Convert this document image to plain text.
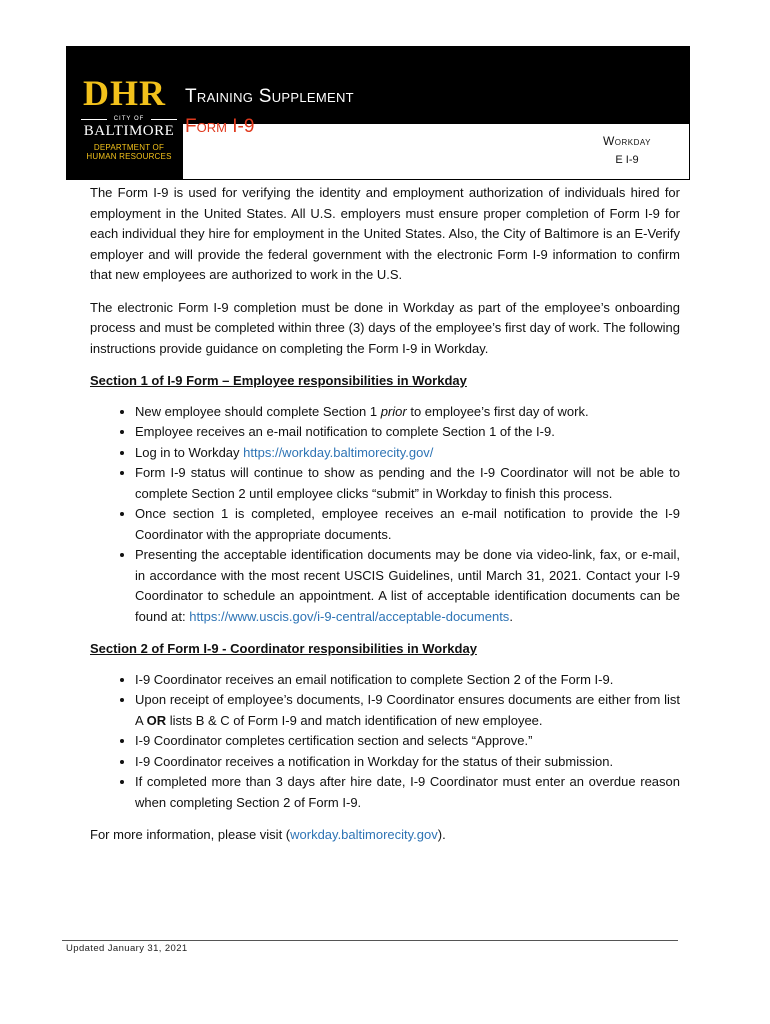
DHR
CITY OF
BALTIMORE
DEPARTMENT OF
HUMAN RESOURCES
Training Supplement
Form I-9
Workday
E I-9

The Form I-9 is used for verifying the identity and employment authorization of individuals hired for employment in the United States. All U.S. employers must ensure proper completion of Form I-9 for each individual they hire for employment in the United States. Also, the City of Baltimore is an E-Verify employer and will provide the federal government with the electronic Form I-9 information to confirm that new employees are authorized to work in the U.S.

The electronic Form I-9 completion must be done in Workday as part of the employee’s onboarding process and must be completed within three (3) days of the employee’s first day of work. The following instructions provide guidance on completing the Form I-9 in Workday.

Section 1 of I-9 Form – Employee responsibilities in Workday
• New employee should complete Section 1 prior to employee’s first day of work.
• Employee receives an e-mail notification to complete Section 1 of the I-9.
• Log in to Workday https://workday.baltimorecity.gov/
• Form I-9 status will continue to show as pending and the I-9 Coordinator will not be able to complete Section 2 until employee clicks “submit” in Workday to finish this process.
• Once section 1 is completed, employee receives an e-mail notification to provide the I-9 Coordinator with the appropriate documents.
• Presenting the acceptable identification documents may be done via video-link, fax, or e-mail, in accordance with the most recent USCIS Guidelines, until March 31, 2021. Contact your I-9 Coordinator to schedule an appointment. A list of acceptable identification documents can be found at: https://www.uscis.gov/i-9-central/acceptable-documents.
Section 2 of Form I-9 - Coordinator responsibilities in Workday
• I-9 Coordinator receives an email notification to complete Section 2 of the Form I-9.
• Upon receipt of employee’s documents, I-9 Coordinator ensures documents are either from list A OR lists B & C of Form I-9 and match identification of new employee.
• I-9 Coordinator completes certification section and selects “Approve.”
• I-9 Coordinator receives a notification in Workday for the status of their submission.
• If completed more than 3 days after hire date, I-9 Coordinator must enter an overdue reason when completing Section 2 of Form I-9.

For more information, please visit (workday.baltimorecity.gov).

Updated January 31, 2021
